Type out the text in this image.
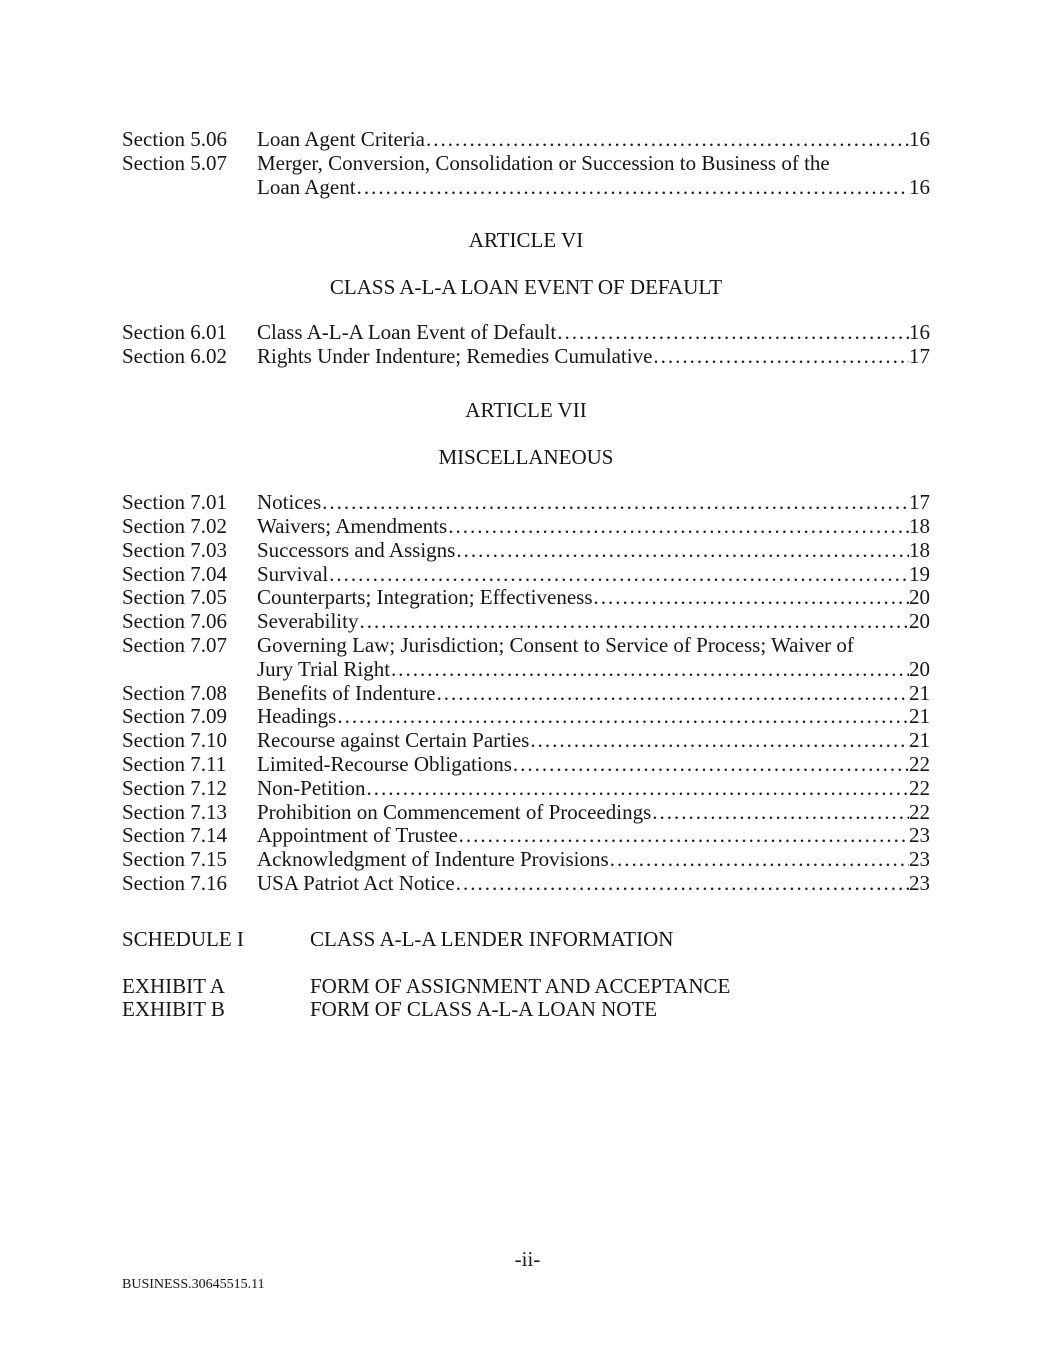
Section 5.06	Loan Agent Criteria .....	16
Section 5.07	Merger, Conversion, Consolidation or Succession to Business of the
Loan Agent .....	16
ARTICLE VI
CLASS A-L-A LOAN EVENT OF DEFAULT
Section 6.01	Class A-L-A Loan Event of Default .....	16
Section 6.02	Rights Under Indenture; Remedies Cumulative .....	17
ARTICLE VII
MISCELLANEOUS
Section 7.01	Notices .....	17
Section 7.02	Waivers; Amendments .....	18
Section 7.03	Successors and Assigns .....	18
Section 7.04	Survival .....	19
Section 7.05	Counterparts; Integration; Effectiveness .....	20
Section 7.06	Severability .....	20
Section 7.07	Governing Law; Jurisdiction; Consent to Service of Process; Waiver of
Jury Trial Right .....	20
Section 7.08	Benefits of Indenture .....	21
Section 7.09	Headings .....	21
Section 7.10	Recourse against Certain Parties .....	21
Section 7.11	Limited-Recourse Obligations .....	22
Section 7.12	Non-Petition .....	22
Section 7.13	Prohibition on Commencement of Proceedings .....	22
Section 7.14	Appointment of Trustee .....	23
Section 7.15	Acknowledgment of Indenture Provisions .....	23
Section 7.16	USA Patriot Act Notice .....	23
SCHEDULE I	CLASS A-L-A LENDER INFORMATION
EXHIBIT A	FORM OF ASSIGNMENT AND ACCEPTANCE
EXHIBIT B	FORM OF CLASS A-L-A LOAN NOTE
-ii-
BUSINESS.30645515.11
